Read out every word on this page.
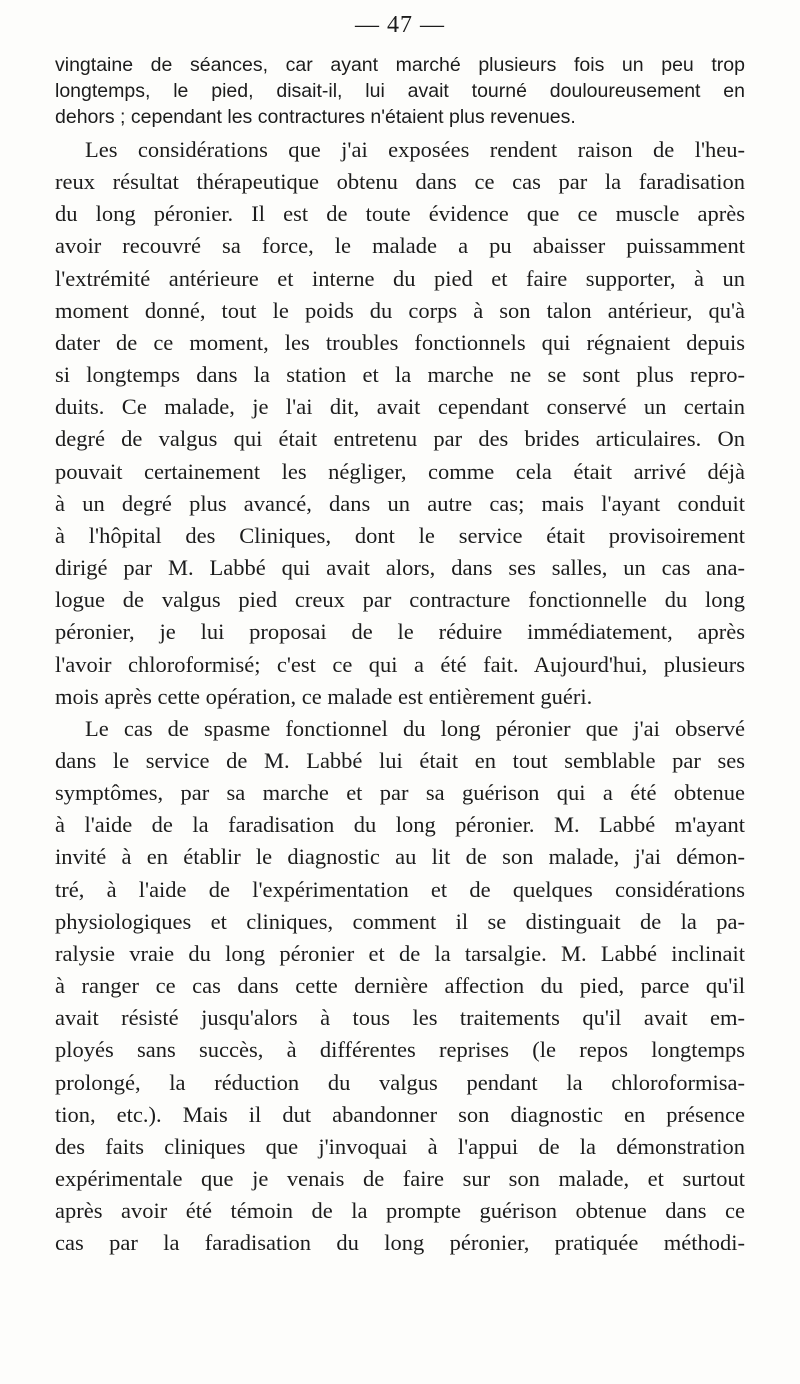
— 47 —
vingtaine de séances, car ayant marché plusieurs fois un peu trop
longtemps, le pied, disait-il, lui avait tourné douloureusement en
dehors ; cependant les contractures n'étaient plus revenues.
Les considérations que j'ai exposées rendent raison de l'heu-
reux résultat thérapeutique obtenu dans ce cas par la faradisation
du long péronier. Il est de toute évidence que ce muscle après
avoir recouvré sa force, le malade a pu abaisser puissamment
l'extrémité antérieure et interne du pied et faire supporter, à un
moment donné, tout le poids du corps à son talon antérieur, qu'à
dater de ce moment, les troubles fonctionnels qui régnaient depuis
si longtemps dans la station et la marche ne se sont plus repro-
duits. Ce malade, je l'ai dit, avait cependant conservé un certain
degré de valgus qui était entretenu par des brides articulaires. On
pouvait certainement les négliger, comme cela était arrivé déjà
à un degré plus avancé, dans un autre cas; mais l'ayant conduit
à l'hôpital des Cliniques, dont le service était provisoirement
dirigé par M. Labbé qui avait alors, dans ses salles, un cas ana-
logue de valgus pied creux par contracture fonctionnelle du long
péronier, je lui proposai de le réduire immédiatement, après
l'avoir chloroformisé; c'est ce qui a été fait. Aujourd'hui, plusieurs
mois après cette opération, ce malade est entièrement guéri.
Le cas de spasme fonctionnel du long péronier que j'ai observé
dans le service de M. Labbé lui était en tout semblable par ses
symptômes, par sa marche et par sa guérison qui a été obtenue
à l'aide de la faradisation du long péronier. M. Labbé m'ayant
invité à en établir le diagnostic au lit de son malade, j'ai démon-
tré, à l'aide de l'expérimentation et de quelques considérations
physiologiques et cliniques, comment il se distinguait de la pa-
ralysie vraie du long péronier et de la tarsalgie. M. Labbé inclinait
à ranger ce cas dans cette dernière affection du pied, parce qu'il
avait résisté jusqu'alors à tous les traitements qu'il avait em-
ployés sans succès, à différentes reprises (le repos longtemps
prolongé, la réduction du valgus pendant la chloroformisa-
tion, etc.). Mais il dut abandonner son diagnostic en présence
des faits cliniques que j'invoquai à l'appui de la démonstration
expérimentale que je venais de faire sur son malade, et surtout
après avoir été témoin de la prompte guérison obtenue dans ce
cas par la faradisation du long péronier, pratiquée méthodi-
